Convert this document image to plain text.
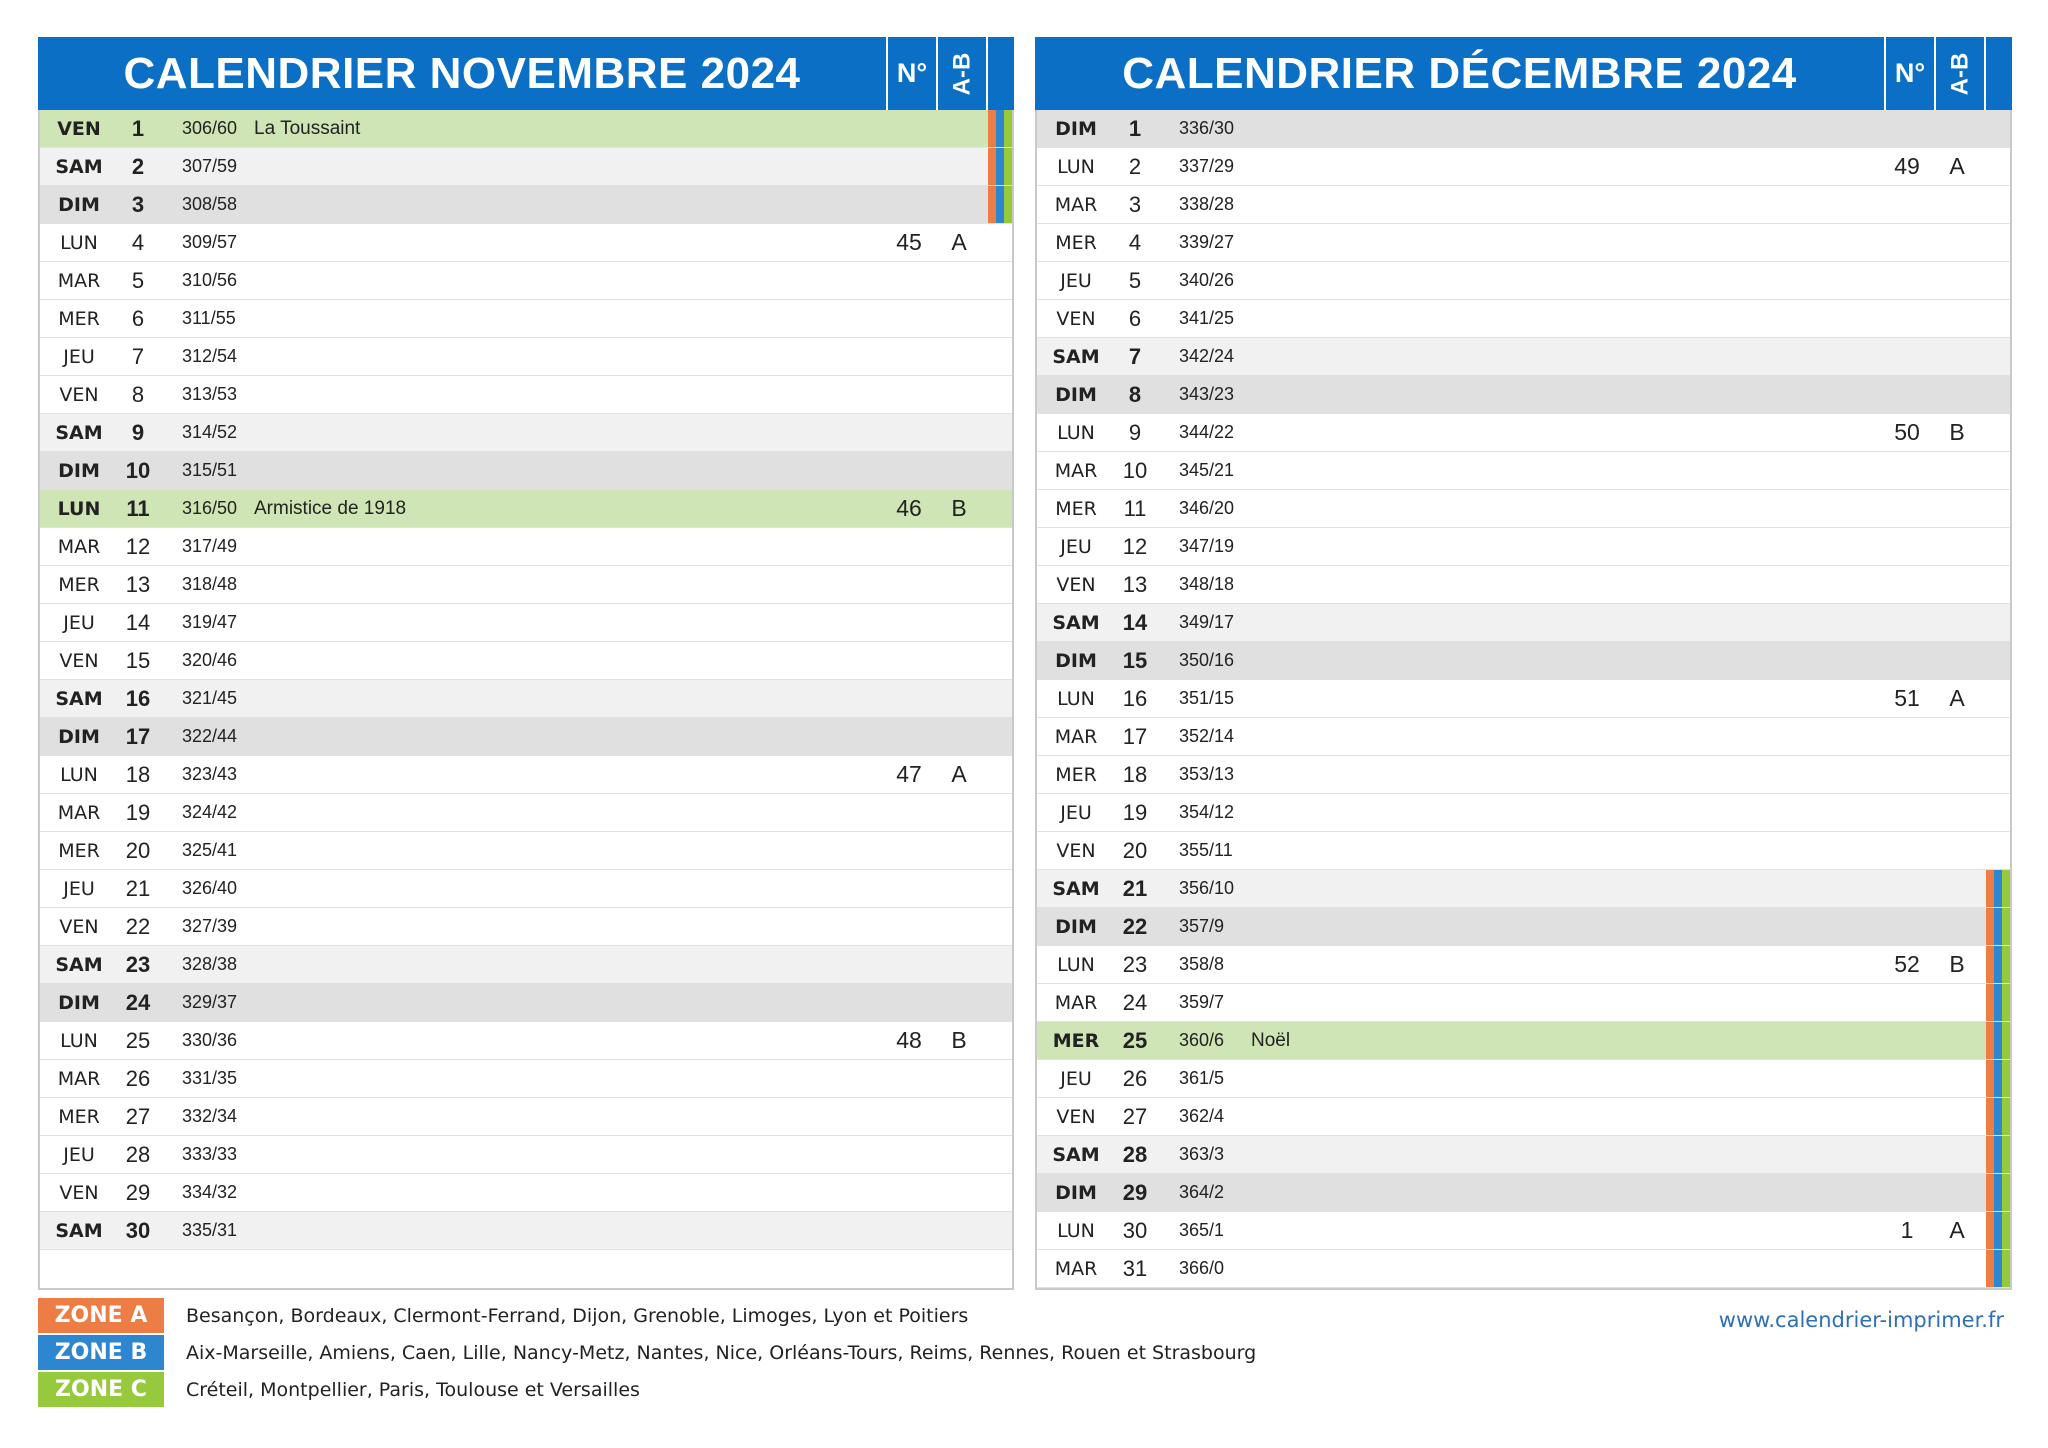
CALENDRIER NOVEMBRE 2024	N° A-B
VEN	1	306/60 La Toussaint
SAM	2	307/59
DIM	3	308/58
LUN	4	309/57	45	A
MAR	5	310/56
MER	6	311/55
JEU	7	312/54
VEN	8	313/53
SAM	9	314/52
DIM	10	315/51
LUN	11	316/50 Armistice de 1918	46	B
MAR	12	317/49
MER	13	318/48
JEU	14	319/47
VEN	15	320/46
SAM	16	321/45
DIM	17	322/44
LUN	18	323/43	47	A
MAR	19	324/42
MER	20	325/41
JEU	21	326/40
VEN	22	327/39
SAM	23	328/38
DIM	24	329/37
LUN	25	330/36	48	B
MAR	26	331/35
MER	27	332/34
JEU	28	333/33
VEN	29	334/32
SAM	30	335/31
CALENDRIER DÉCEMBRE 2024	N° A-B
DIM	1	336/30
LUN	2	337/29	49	A
MAR	3	338/28
MER	4	339/27
JEU	5	340/26
VEN	6	341/25
SAM	7	342/24
DIM	8	343/23
LUN	9	344/22	50	B
MAR	10	345/21
MER	11	346/20
JEU	12	347/19
VEN	13	348/18
SAM	14	349/17
DIM	15	350/16
LUN	16	351/15	51	A
MAR	17	352/14
MER	18	353/13
JEU	19	354/12
VEN	20	355/11
SAM	21	356/10
DIM	22	357/9
LUN	23	358/8	52	B
MAR	24	359/7
MER	25	360/6	Noël
JEU	26	361/5
VEN	27	362/4
SAM	28	363/3
DIM	29	364/2
LUN	30	365/1	1	A
MAR	31	366/0
ZONE A	Besançon, Bordeaux, Clermont-Ferrand, Dijon, Grenoble, Limoges, Lyon et Poitiers
ZONE B	Aix-Marseille, Amiens, Caen, Lille, Nancy-Metz, Nantes, Nice, Orléans-Tours, Reims, Rennes, Rouen et Strasbourg
ZONE C	Créteil, Montpellier, Paris, Toulouse et Versailles
www.calendrier-imprimer.fr
